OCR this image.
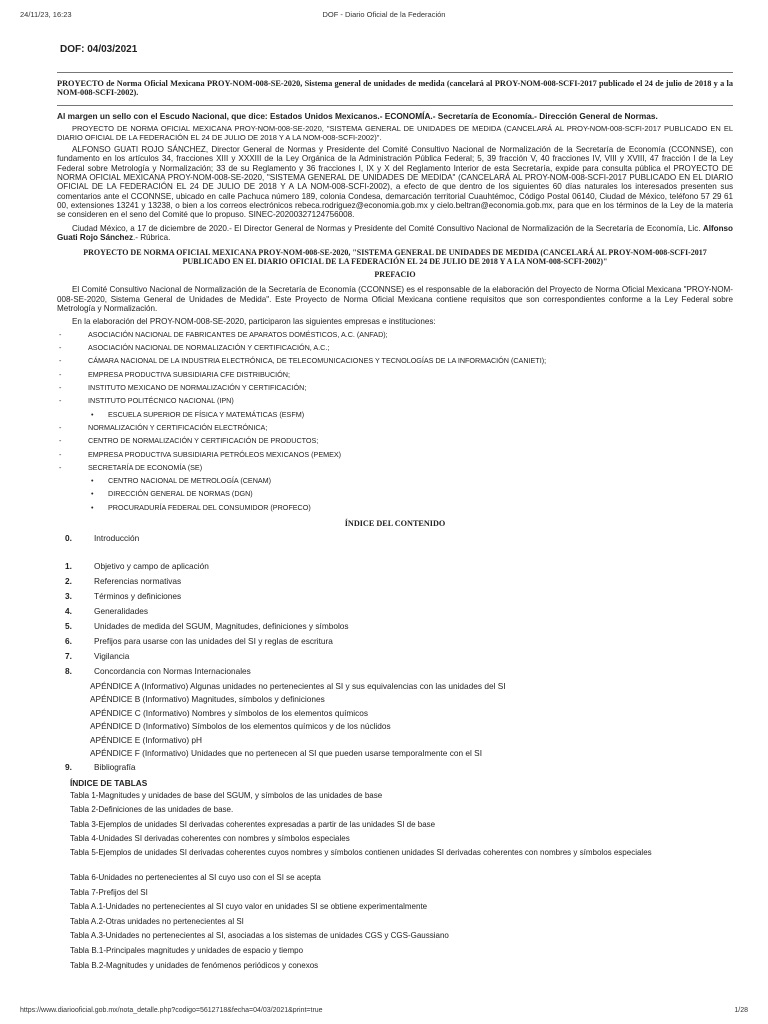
24/11/23, 16:23	DOF - Diario Oficial de la Federación
DOF: 04/03/2021
PROYECTO de Norma Oficial Mexicana PROY-NOM-008-SE-2020, Sistema general de unidades de medida (cancelará al PROY-NOM-008-SCFI-2017 publicado el 24 de julio de 2018 y a la NOM-008-SCFI-2002).
Al margen un sello con el Escudo Nacional, que dice: Estados Unidos Mexicanos.- ECONOMÍA.- Secretaría de Economía.- Dirección General de Normas.
PROYECTO DE NORMA OFICIAL MEXICANA PROY-NOM-008-SE-2020, "SISTEMA GENERAL DE UNIDADES DE MEDIDA (CANCELARÁ AL PROY-NOM-008-SCFI-2017 PUBLICADO EN EL DIARIO OFICIAL DE LA FEDERACIÓN EL 24 DE JULIO DE 2018 Y A LA NOM-008-SCFI-2002)".
ALFONSO GUATI ROJO SÁNCHEZ, Director General de Normas y Presidente del Comité Consultivo Nacional de Normalización de la Secretaría de Economía (CCONNSE), con fundamento en los artículos 34, fracciones XIII y XXXIII de la Ley Orgánica de la Administración Pública Federal; 5, 39 fracción V, 40 fracciones IV, VIII y XVIII, 47 fracción I de la Ley Federal sobre Metrología y Normalización; 33 de su Reglamento y 36 fracciones I, IX y X del Reglamento Interior de esta Secretaría, expide para consulta pública el PROYECTO DE NORMA OFICIAL MEXICANA PROY-NOM-008-SE-2020, "SISTEMA GENERAL DE UNIDADES DE MEDIDA" (CANCELARÁ AL PROY-NOM-008-SCFI-2017 PUBLICADO EN EL DIARIO OFICIAL DE LA FEDERACIÓN EL 24 DE JULIO DE 2018 Y A LA NOM-008-SCFI-2002), a efecto de que dentro de los siguientes 60 días naturales los interesados presenten sus comentarios ante el CCONNSE, ubicado en calle Pachuca número 189, colonia Condesa, demarcación territorial Cuauhtémoc, Código Postal 06140, Ciudad de México, teléfono 57 29 61 00, extensiones 13241 y 13238, o bien a los correos electrónicos rebeca.rodriguez@economia.gob.mx y cielo.beltran@economia.gob.mx, para que en los términos de la Ley de la materia se consideren en el seno del Comité que lo propuso. SINEC-20200327124756008.
Ciudad México, a 17 de diciembre de 2020.- El Director General de Normas y Presidente del Comité Consultivo Nacional de Normalización de la Secretaría de Economía, Lic. Alfonso Guati Rojo Sánchez.- Rúbrica.
PROYECTO DE NORMA OFICIAL MEXICANA PROY-NOM-008-SE-2020, "SISTEMA GENERAL DE UNIDADES DE MEDIDA (CANCELARÁ AL PROY-NOM-008-SCFI-2017 PUBLICADO EN EL DIARIO OFICIAL DE LA FEDERACIÓN EL 24 DE JULIO DE 2018 Y A LA NOM-008-SCFI-2002)"
PREFACIO
El Comité Consultivo Nacional de Normalización de la Secretaría de Economía (CCONNSE) es el responsable de la elaboración del Proyecto de Norma Oficial Mexicana "PROY-NOM-008-SE-2020, Sistema General de Unidades de Medida". Este Proyecto de Norma Oficial Mexicana contiene requisitos que son correspondientes conforme a la Ley Federal sobre Metrología y Normalización.
En la elaboración del PROY-NOM-008-SE-2020, participaron las siguientes empresas e instituciones:
- ASOCIACIÓN NACIONAL DE FABRICANTES DE APARATOS DOMÉSTICOS, A.C. (ANFAD);
- ASOCIACIÓN NACIONAL DE NORMALIZACIÓN Y CERTIFICACIÓN, A.C.;
- CÁMARA NACIONAL DE LA INDUSTRIA ELECTRÓNICA, DE TELECOMUNICACIONES Y TECNOLOGÍAS DE LA INFORMACIÓN (CANIETI);
- EMPRESA PRODUCTIVA SUBSIDIARIA CFE DISTRIBUCIÓN;
- INSTITUTO MEXICANO DE NORMALIZACIÓN Y CERTIFICACIÓN;
- INSTITUTO POLITÉCNICO NACIONAL (IPN)
• ESCUELA SUPERIOR DE FÍSICA Y MATEMÁTICAS (ESFM)
- NORMALIZACIÓN Y CERTIFICACIÓN ELECTRÓNICA;
- CENTRO DE NORMALIZACIÓN Y CERTIFICACIÓN DE PRODUCTOS;
- EMPRESA PRODUCTIVA SUBSIDIARIA PETRÓLEOS MEXICANOS (PEMEX)
- SECRETARÍA DE ECONOMÍA (SE)
• CENTRO NACIONAL DE METROLOGÍA (CENAM)
• DIRECCIÓN GENERAL DE NORMAS (DGN)
• PROCURADURÍA FEDERAL DEL CONSUMIDOR (PROFECO)
ÍNDICE DEL CONTENIDO
0.	Introducción
1.	Objetivo y campo de aplicación
2.	Referencias normativas
3.	Términos y definiciones
4.	Generalidades
5.	Unidades de medida del SGUM, Magnitudes, definiciones y símbolos
6.	Prefijos para usarse con las unidades del SI y reglas de escritura
7.	Vigilancia
8.	Concordancia con Normas Internacionales
APÉNDICE A (Informativo) Algunas unidades no pertenecientes al SI y sus equivalencias con las unidades del SI
APÉNDICE B (Informativo) Magnitudes, símbolos y definiciones
APÉNDICE C (Informativo) Nombres y símbolos de los elementos químicos
APÉNDICE D (Informativo) Símbolos de los elementos químicos y de los núclidos
APÉNDICE E (Informativo) pH
APÉNDICE F (Informativo) Unidades que no pertenecen al SI que pueden usarse temporalmente con el SI
9.	Bibliografía
ÍNDICE DE TABLAS
Tabla 1-Magnitudes y unidades de base del SGUM, y símbolos de las unidades de base
Tabla 2-Definiciones de las unidades de base.
Tabla 3-Ejemplos de unidades SI derivadas coherentes expresadas a partir de las unidades SI de base
Tabla 4-Unidades SI derivadas coherentes con nombres y símbolos especiales
Tabla 5-Ejemplos de unidades SI derivadas coherentes cuyos nombres y símbolos contienen unidades SI derivadas coherentes con nombres y símbolos especiales
Tabla 6-Unidades no pertenecientes al SI cuyo uso con el SI se acepta
Tabla 7-Prefijos del SI
Tabla A.1-Unidades no pertenecientes al SI cuyo valor en unidades SI se obtiene experimentalmente
Tabla A.2-Otras unidades no pertenecientes al SI
Tabla A.3-Unidades no pertenecientes al SI, asociadas a los sistemas de unidades CGS y CGS-Gaussiano
Tabla B.1-Principales magnitudes y unidades de espacio y tiempo
Tabla B.2-Magnitudes y unidades de fenómenos periódicos y conexos
https://www.diariooficial.gob.mx/nota_detalle.php?codigo=5612718&fecha=04/03/2021&print=true	1/28
